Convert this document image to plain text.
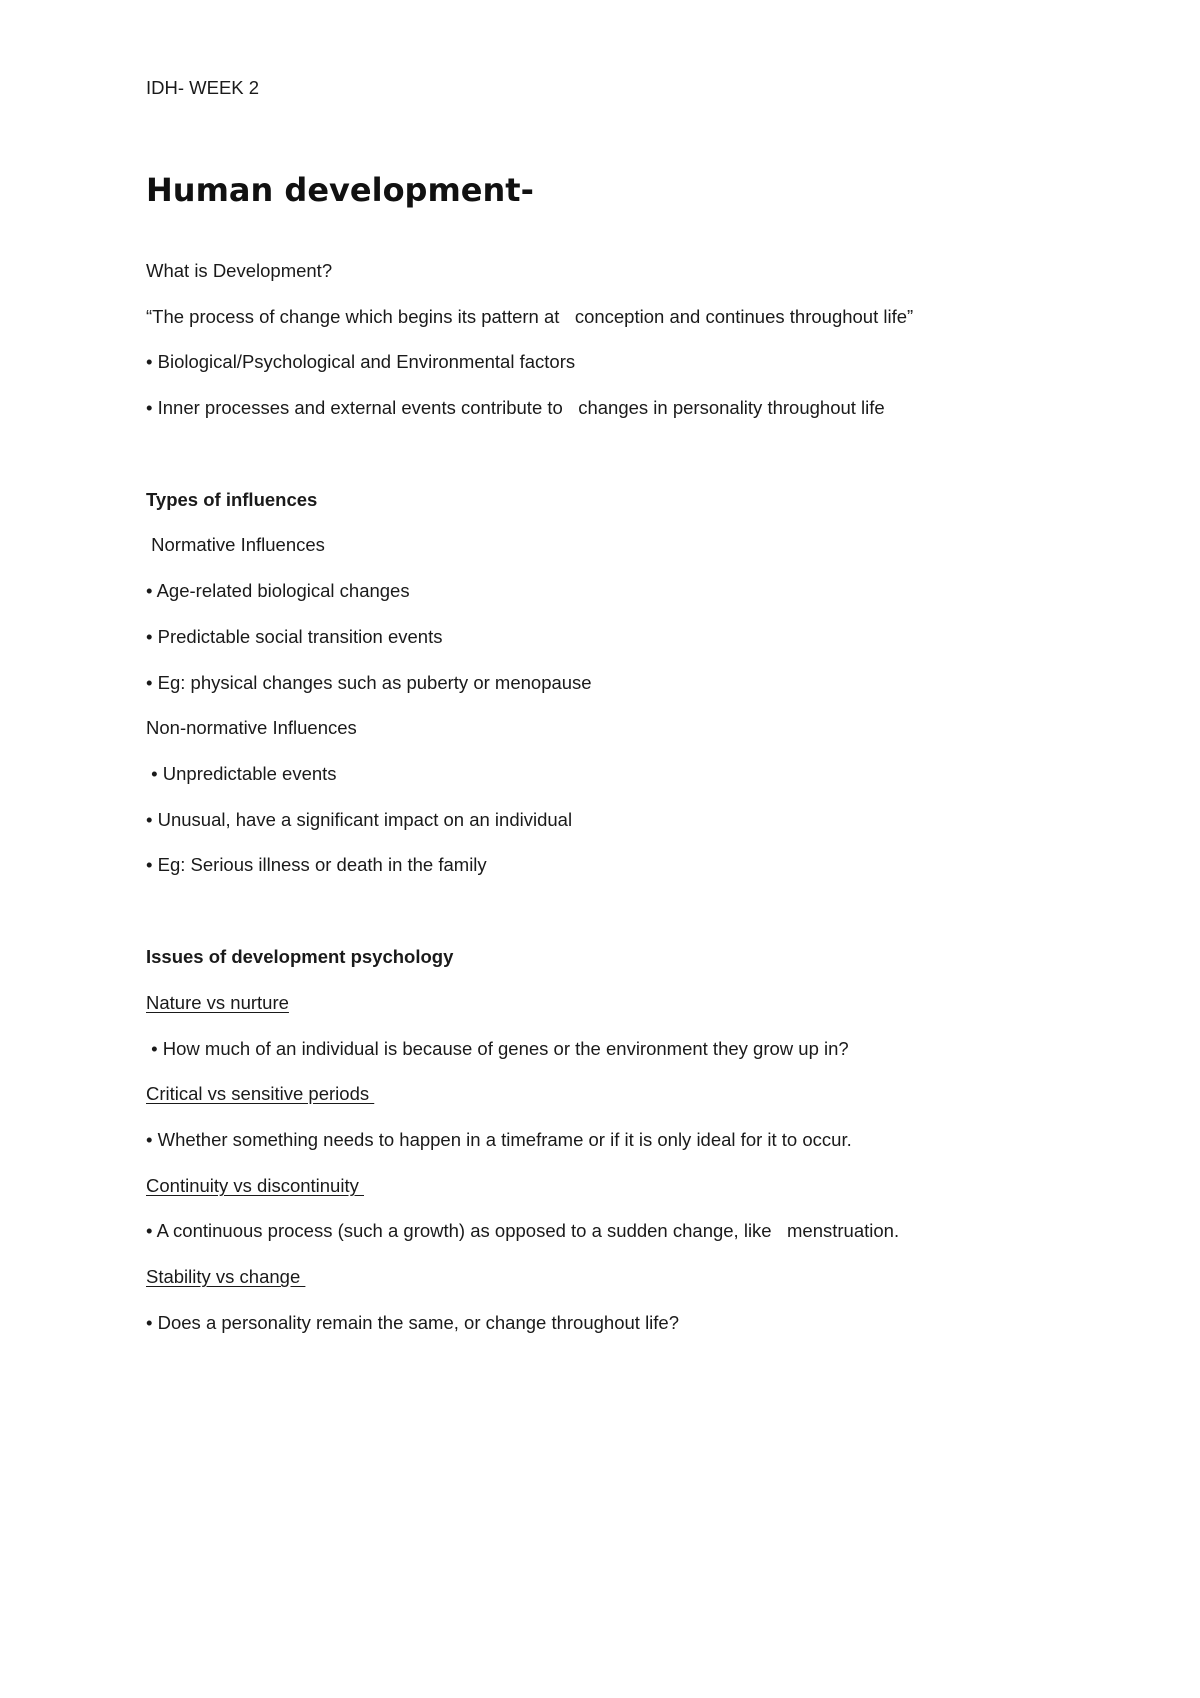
IDH- WEEK 2
Human development-
What is Development?
“The process of change which begins its pattern at   conception and continues throughout life”
• Biological/Psychological and Environmental factors
• Inner processes and external events contribute to   changes in personality throughout life
Types of influences
Normative Influences
• Age-related biological changes
• Predictable social transition events
• Eg: physical changes such as puberty or menopause
Non-normative Influences
• Unpredictable events
• Unusual, have a significant impact on an individual
• Eg: Serious illness or death in the family
Issues of development psychology
Nature vs nurture
• How much of an individual is because of genes or the environment they grow up in?
Critical vs sensitive periods
• Whether something needs to happen in a timeframe or if it is only ideal for it to occur.
Continuity vs discontinuity
• A continuous process (such a growth) as opposed to a sudden change, like   menstruation.
Stability vs change
• Does a personality remain the same, or change throughout life?
